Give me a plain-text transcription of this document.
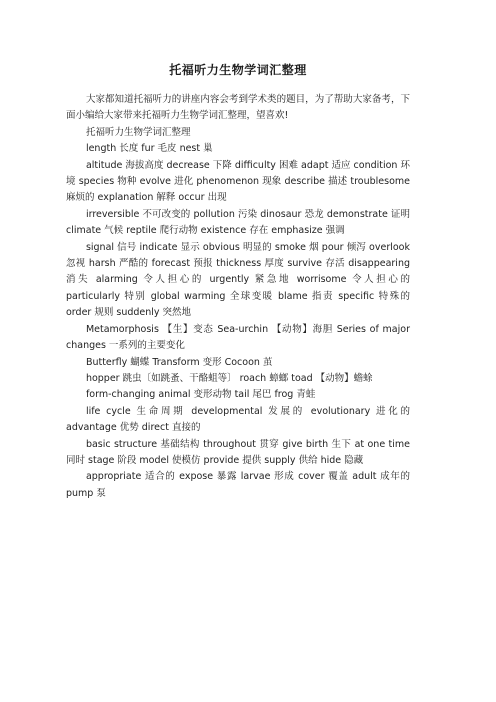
托福听力生物学词汇整理

大家都知道托福听力的讲座内容会考到学术类的题目，为了帮助大家备考，下面小编给大家带来托福听力生物学词汇整理，望喜欢!

托福听力生物学词汇整理

length 长度 fur 毛皮 nest 巢

altitude 海拔高度 decrease 下降 difficulty 困难 adapt 适应 condition 环境 species 物种 evolve 进化 phenomenon 现象 describe 描述 troublesome 麻烦的 explanation 解释 occur 出现

irreversible 不可改变的 pollution 污染 dinosaur 恐龙 demonstrate 证明 climate 气候 reptile 爬行动物 existence 存在 emphasize 强调

signal 信号 indicate 显示 obvious 明显的 smoke 烟 pour 倾泻 overlook 忽视 harsh 严酷的 forecast 预报 thickness 厚度 survive 存活 disappearing 消失 alarming 令人担心的 urgently 紧急地 worrisome 令人担心的 particularly 特别 global warming 全球变暖 blame 指责 specific 特殊的 order 规则 suddenly 突然地

Metamorphosis 【生】变态 Sea-urchin 【动物】海胆 Series of major changes 一系列的主要变化

Butterfly 蝴蝶 Transform 变形 Cocoon 茧

hopper 跳虫〔如跳蚤、干酪蛆等〕 roach 蟑螂 toad 【动物】蟾蜍

form-changing animal 变形动物 tail 尾巴 frog 青蛙

life cycle 生命周期 developmental 发展的 evolutionary 进化的 advantage 优势 direct 直接的

basic structure 基础结构 throughout 贯穿 give birth 生下 at one time 同时 stage 阶段 model 使模仿 provide 提供 supply 供给 hide 隐藏

appropriate 适合的 expose 暴露 larvae 形成 cover 覆盖 adult 成年的 pump 泵
